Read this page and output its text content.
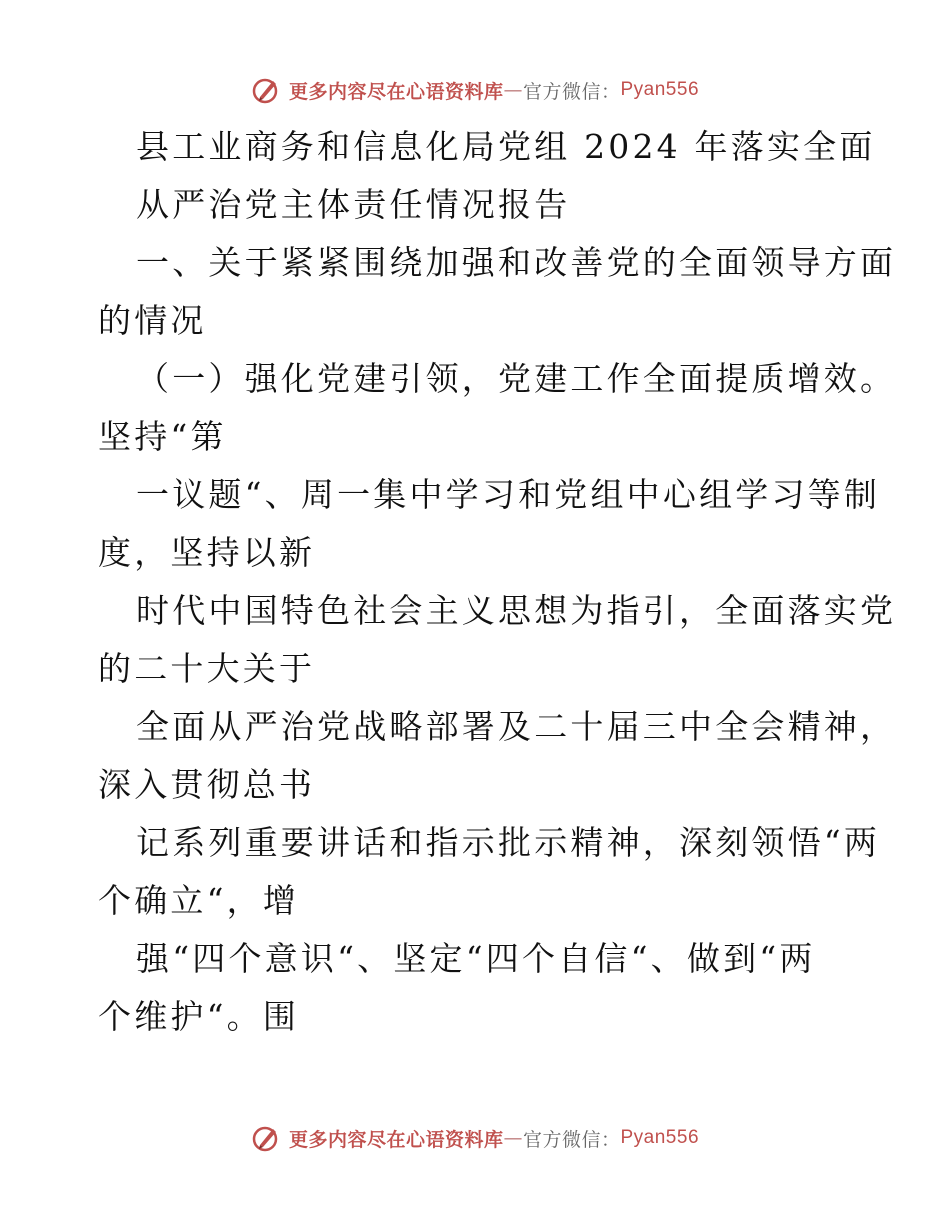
更多内容尽在心语资料库 — 官方微信： Pyan556
县工业商务和信息化局党组 2024 年落实全面
从严治党主体责任情况报告
一、关于紧紧围绕加强和改善党的全面领导方面
的情况
（一）强化党建引领，党建工作全面提质增效。
坚持“第
一议题“、周一集中学习和党组中心组学习等制
度，坚持以新
时代中国特色社会主义思想为指引，全面落实党
的二十大关于
全面从严治党战略部署及二十届三中全会精神，
深入贯彻总书
记系列重要讲话和指示批示精神，深刻领悟“两
个确立“，增
强“四个意识“、坚定“四个自信“、做到“两
个维护“。围
更多内容尽在心语资料库 — 官方微信： Pyan556
